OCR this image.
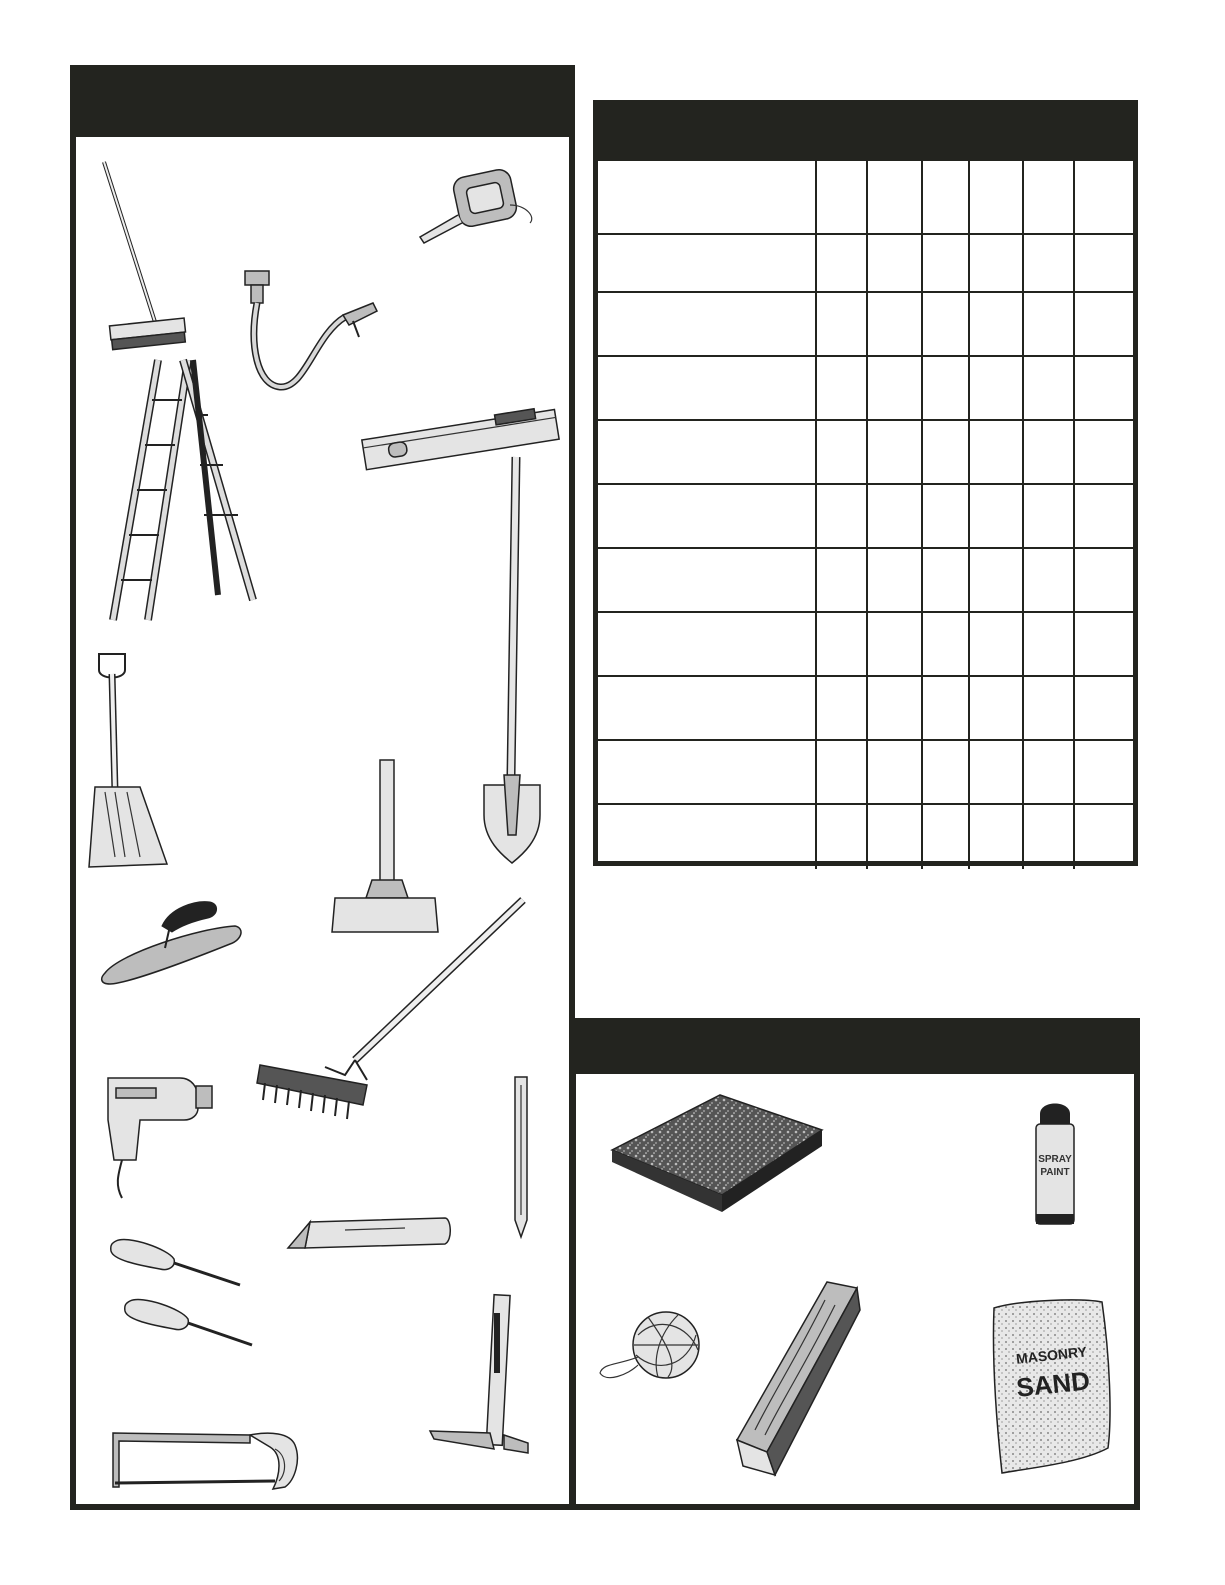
SPRAY
PAINT
MASONRY
SAND
